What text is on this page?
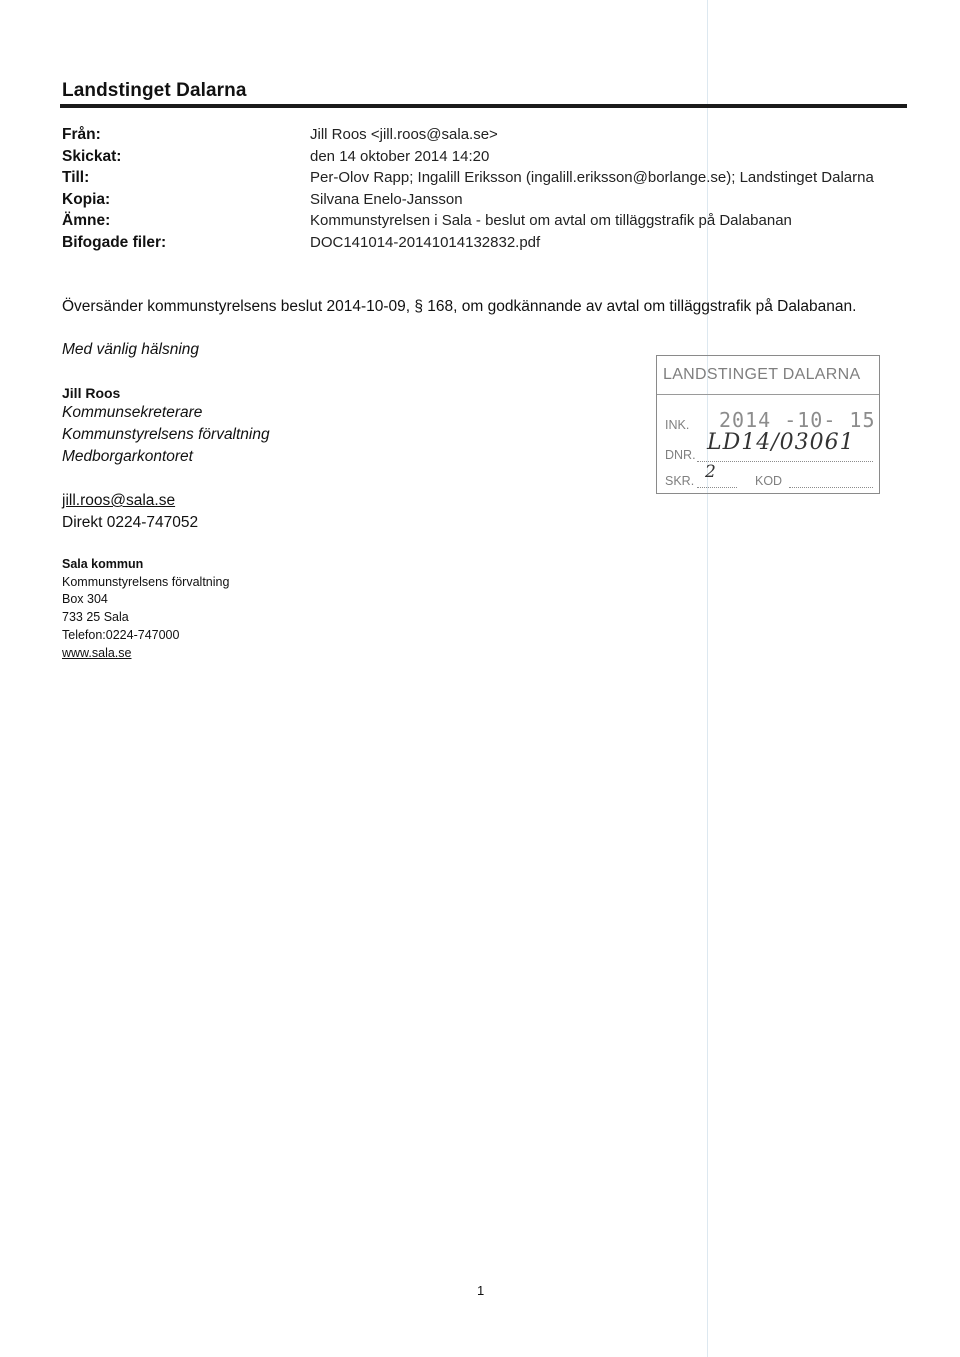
Landstinget Dalarna
Från:	Jill Roos <jill.roos@sala.se>
Skickat:	den 14 oktober 2014 14:20
Till:	Per-Olov Rapp; Ingalill Eriksson (ingalill.eriksson@borlange.se); Landstinget Dalarna
Kopia:	Silvana Enelo-Jansson
Ämne:	Kommunstyrelsen i Sala - beslut om avtal om tilläggstrafik på Dalabanan
Bifogade filer:	DOC141014-20141014132832.pdf
Översänder kommunstyrelsens beslut 2014-10-09, § 168, om godkännande av avtal om tilläggstrafik på Dalabanan.
Med vänlig hälsning
Jill Roos
Kommunsekreterare
Kommunstyrelsens förvaltning
Medborgarkontoret
jill.roos@sala.se
Direkt 0224-747052
Sala kommun
Kommunstyrelsens förvaltning
Box 304
733 25 Sala
Telefon:0224-747000
www.sala.se
LANDSTINGET DALARNA
INK. 2014 -10- 15
DNR. LD14/03061
SKR. 2	KOD
1
